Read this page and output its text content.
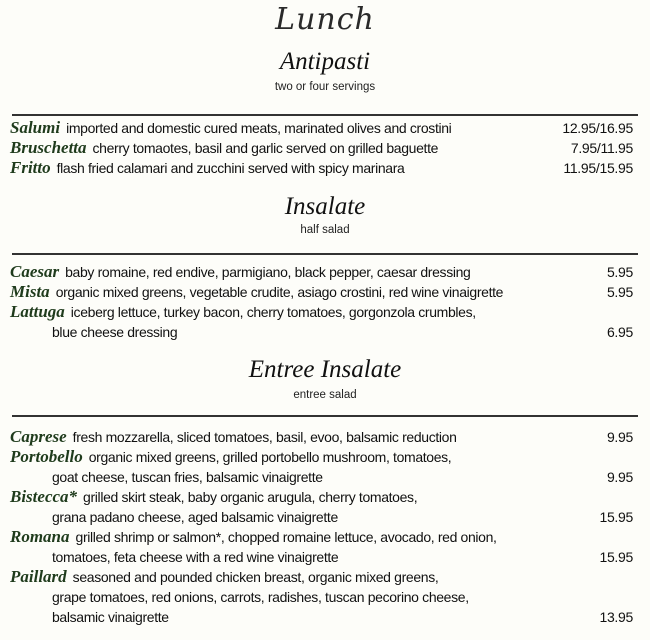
Lunch
Antipasti
two or four servings
Salumi imported and domestic cured meats, marinated olives and crostini	12.95/16.95
Bruschetta cherry tomaotes, basil and garlic served on grilled baguette	7.95/11.95
Fritto flash fried calamari and zucchini served with spicy marinara	11.95/15.95
Insalate
half salad
Caesar baby romaine, red endive, parmigiano, black pepper, caesar dressing	5.95
Mista organic mixed greens, vegetable crudite, asiago crostini, red wine vinaigrette	5.95
Lattuga iceberg lettuce, turkey bacon, cherry tomatoes, gorgonzola crumbles,
blue cheese dressing	6.95
Entree Insalate
entree salad
Caprese fresh mozzarella, sliced tomatoes, basil, evoo, balsamic reduction	9.95
Portobello organic mixed greens, grilled portobello mushroom, tomatoes,
goat cheese, tuscan fries, balsamic vinaigrette	9.95
Bistecca* grilled skirt steak, baby organic arugula, cherry tomatoes,
grana padano cheese, aged balsamic vinaigrette	15.95
Romana grilled shrimp or salmon*, chopped romaine lettuce, avocado, red onion,
tomatoes, feta cheese with a red wine vinaigrette	15.95
Paillard seasoned and pounded chicken breast, organic mixed greens,
grape tomatoes, red onions, carrots, radishes, tuscan pecorino cheese,
balsamic vinaigrette	13.95
